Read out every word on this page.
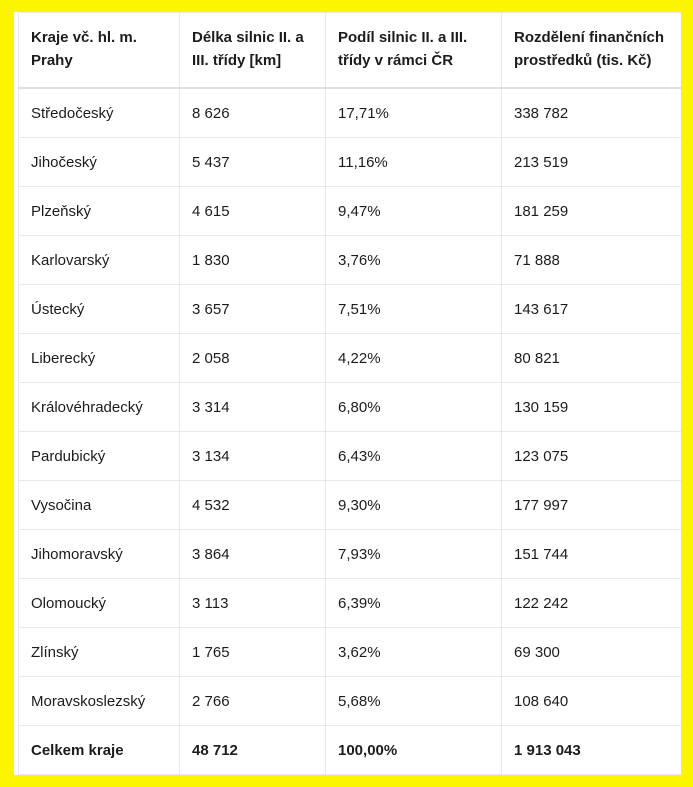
Kraje vč. hl. m. Prahy	Délka silnic II. a III. třídy [km]	Podíl silnic II. a III. třídy v rámci ČR	Rozdělení finančních prostředků (tis. Kč)
Středočeský	8 626	17,71%	338 782
Jihočeský	5 437	11,16%	213 519
Plzeňský	4 615	9,47%	181 259
Karlovarský	1 830	3,76%	71 888
Ústecký	3 657	7,51%	143 617
Liberecký	2 058	4,22%	80 821
Královéhradecký	3 314	6,80%	130 159
Pardubický	3 134	6,43%	123 075
Vysočina	4 532	9,30%	177 997
Jihomoravský	3 864	7,93%	151 744
Olomoucký	3 113	6,39%	122 242
Zlínský	1 765	3,62%	69 300
Moravskoslezský	2 766	5,68%	108 640
Celkem kraje	48 712	100,00%	1 913 043
